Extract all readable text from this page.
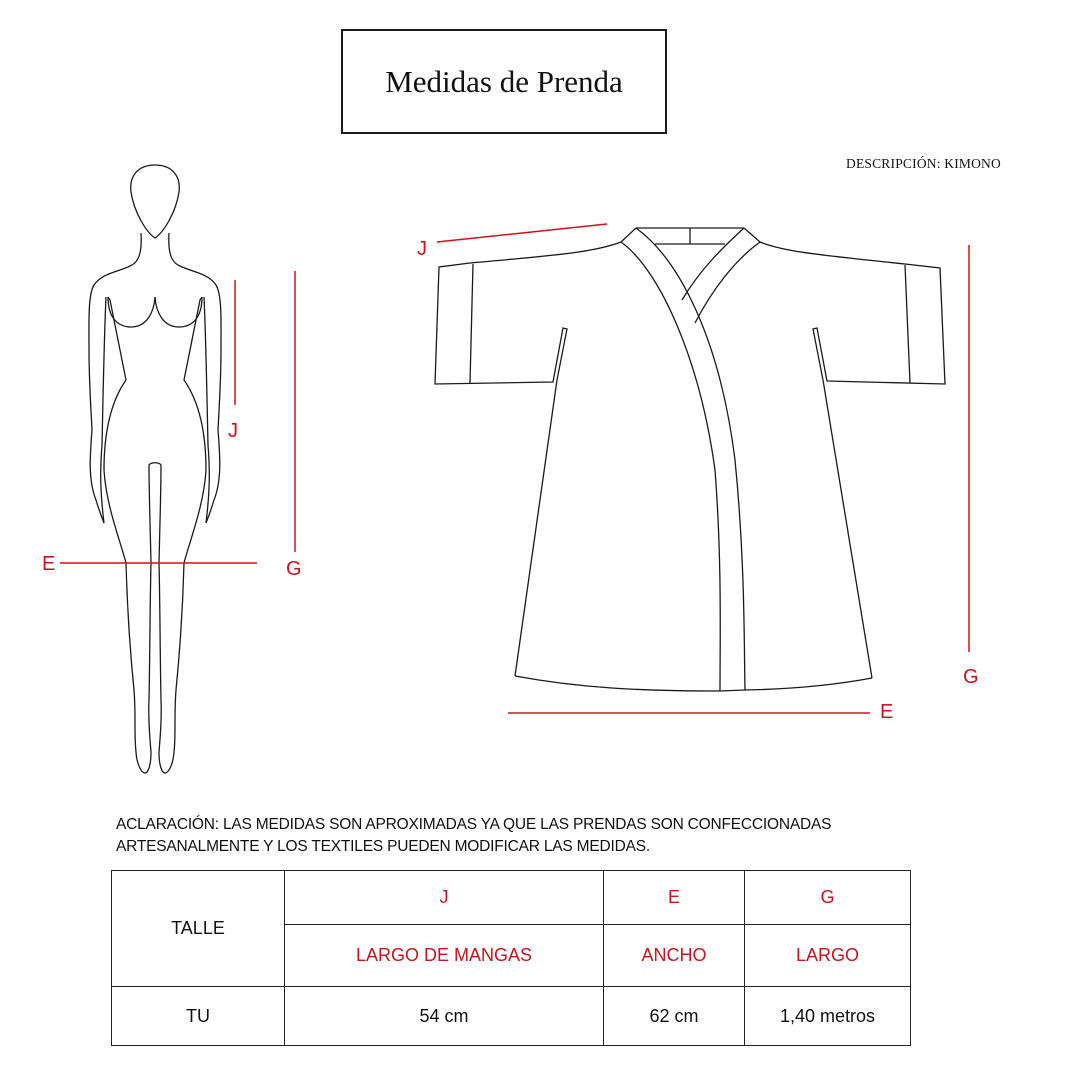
Medidas de Prenda
DESCRIPCIÓN: KIMONO
J
E	G
J
G
E
ACLARACIÓN: LAS MEDIDAS SON APROXIMADAS YA QUE LAS PRENDAS SON CONFECCIONADAS ARTESANALMENTE Y LOS TEXTILES PUEDEN MODIFICAR LAS MEDIDAS.
TALLE	J	E	G
	LARGO DE MANGAS	ANCHO	LARGO
TU	54 cm	62 cm	1,40 metros
